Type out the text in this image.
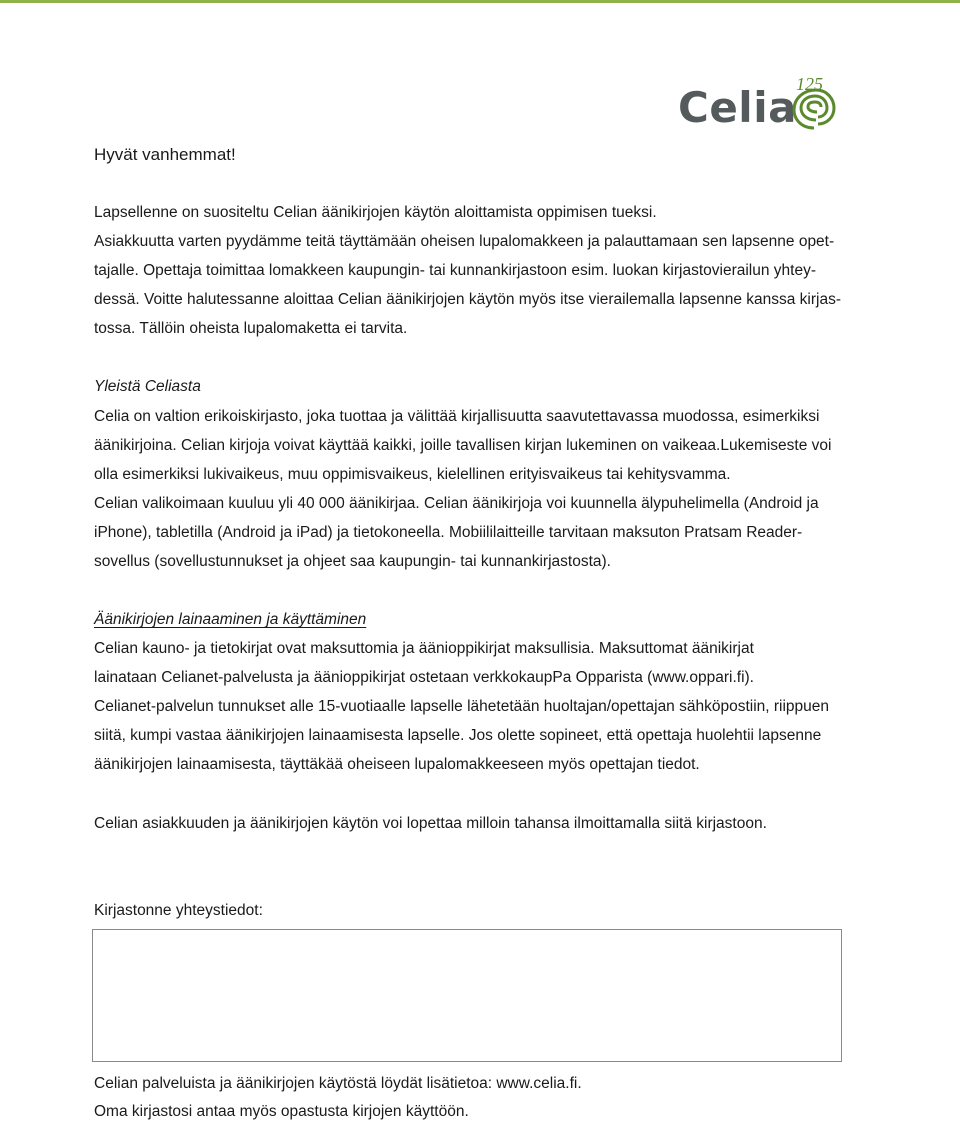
Celia 125
Hyvät vanhemmat!
Lapsellenne on suositeltu Celian äänikirjojen käytön aloittamista oppimisen tueksi.
Asiakkuutta varten pyydämme teitä täyttämään oheisen lupalomakkeen ja palauttamaan sen lapsenne opet-
tajalle. Opettaja toimittaa lomakkeen kaupungin- tai kunnankirjastoon esim. luokan kirjastovierailun yhtey-
dessä. Voitte halutessanne aloittaa Celian äänikirjojen käytön myös itse vierailemalla lapsenne kanssa kirjas-
tossa. Tällöin oheista lupalomaketta ei tarvita.
Yleistä Celiasta
Celia on valtion erikoiskirjasto, joka tuottaa ja välittää kirjallisuutta saavutettavassa muodossa, esimerkiksi
äänikirjoina. Celian kirjoja voivat käyttää kaikki, joille tavallisen kirjan lukeminen on vaikeaa.Lukemiseste voi
olla esimerkiksi lukivaikeus, muu oppimisvaikeus, kielellinen erityisvaikeus tai kehitysvamma.
Celian valikoimaan kuuluu yli 40 000 äänikirjaa. Celian äänikirjoja voi kuunnella älypuhelimella (Android ja
iPhone), tabletilla (Android ja iPad) ja tietokoneella. Mobiililaitteille tarvitaan maksuton Pratsam Reader-
sovellus (sovellustunnukset ja ohjeet saa kaupungin- tai kunnankirjastosta).
Äänikirjojen lainaaminen ja käyttäminen
Celian kauno- ja tietokirjat ovat maksuttomia ja äänioppikirjat maksullisia. Maksuttomat äänikirjat
lainataan Celianet-palvelusta ja äänioppikirjat ostetaan verkkokaupPa Opparista (www.oppari.fi).
Celianet-palvelun tunnukset alle 15-vuotiaalle lapselle lähetetään huoltajan/opettajan sähköpostiin, riippuen
siitä, kumpi vastaa äänikirjojen lainaamisesta lapselle. Jos olette sopineet, että opettaja huolehtii lapsenne
äänikirjojen lainaamisesta, täyttäkää oheiseen lupalomakkeeseen myös opettajan tiedot.
Celian asiakkuuden ja äänikirjojen käytön voi lopettaa milloin tahansa ilmoittamalla siitä kirjastoon.
Kirjastonne yhteystiedot:
Celian palveluista ja äänikirjojen käytöstä löydät lisätietoa: www.celia.fi.
Oma kirjastosi antaa myös opastusta kirjojen käyttöön.
